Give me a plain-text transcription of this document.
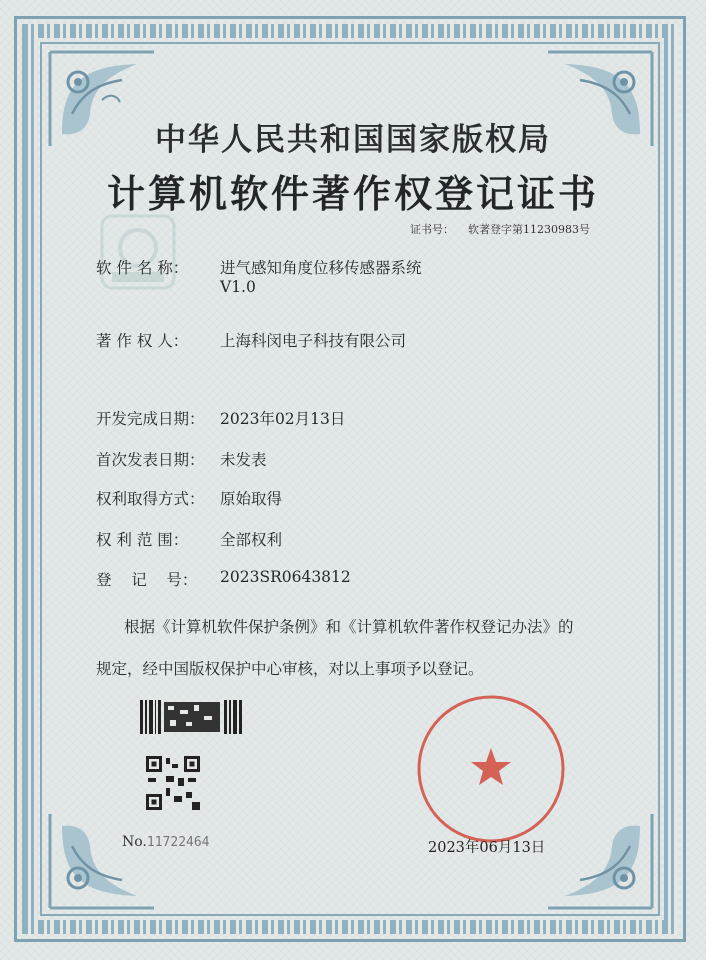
中华人民共和国国家版权局
计算机软件著作权登记证书
证书号： 软著登字第11230983号
软 件 名 称： 进气感知角度位移传感器系统
V1.0
著 作 权 人： 上海科闵电子科技有限公司
开发完成日期： 2023年02月13日
首次发表日期： 未发表
权利取得方式： 原始取得
权 利 范 围： 全部权利
登    记    号： 2023SR0643812
根据《计算机软件保护条例》和《计算机软件著作权登记办法》的
规定，经中国版权保护中心审核，对以上事项予以登记。
No.11722464	2023年06月13日
